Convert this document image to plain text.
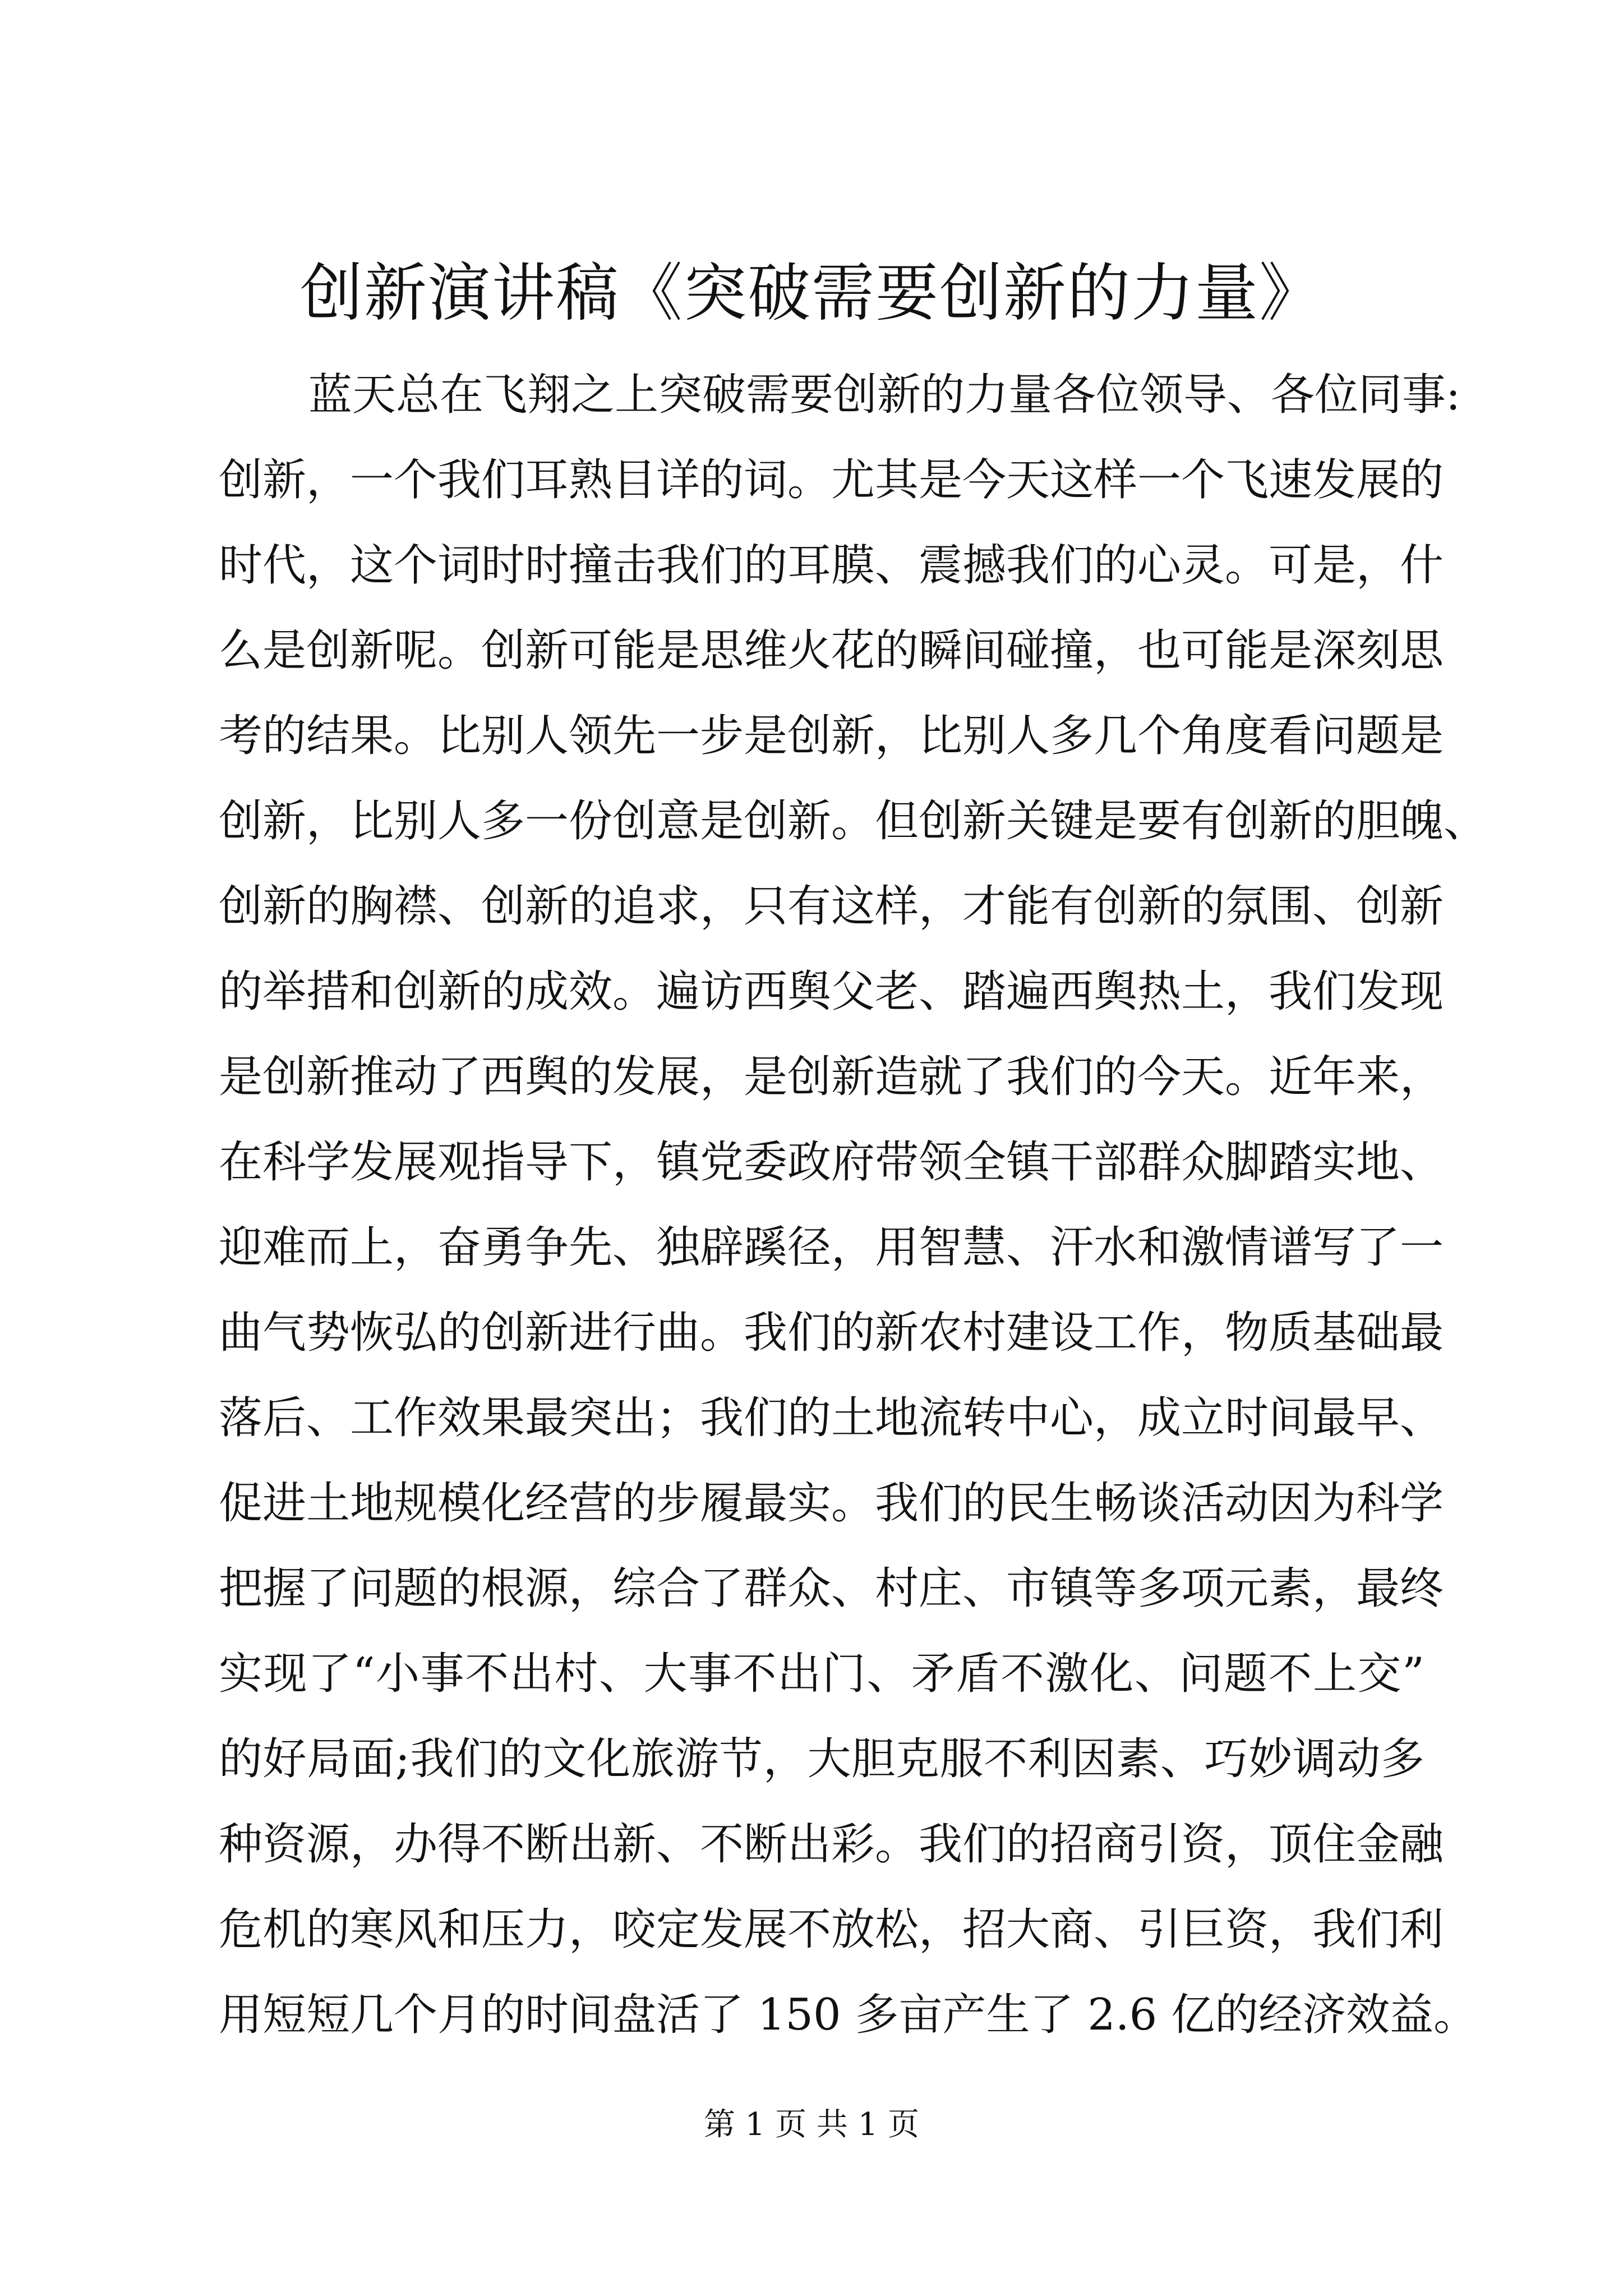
创新演讲稿《突破需要创新的力量》
蓝天总在飞翔之上突破需要创新的力量各位领导、各位同事:
创新，一个我们耳熟目详的词。尤其是今天这样一个飞速发展的
时代，这个词时时撞击我们的耳膜、震撼我们的心灵。可是，什
么是创新呢。创新可能是思维火花的瞬间碰撞，也可能是深刻思
考的结果。比别人领先一步是创新，比别人多几个角度看问题是
创新，比别人多一份创意是创新。但创新关键是要有创新的胆魄、
创新的胸襟、创新的追求，只有这样，才能有创新的氛围、创新
的举措和创新的成效。遍访西舆父老、踏遍西舆热土，我们发现
是创新推动了西舆的发展，是创新造就了我们的今天。近年来，
在科学发展观指导下，镇党委政府带领全镇干部群众脚踏实地、
迎难而上，奋勇争先、独辟蹊径，用智慧、汗水和激情谱写了一
曲气势恢弘的创新进行曲。我们的新农村建设工作，物质基础最
落后、工作效果最突出；我们的土地流转中心，成立时间最早、
促进土地规模化经营的步履最实。我们的民生畅谈活动因为科学
把握了问题的根源，综合了群众、村庄、市镇等多项元素，最终
实现了“小事不出村、大事不出门、矛盾不激化、问题不上交”
的好局面;我们的文化旅游节，大胆克服不利因素、巧妙调动多
种资源，办得不断出新、不断出彩。我们的招商引资，顶住金融
危机的寒风和压力，咬定发展不放松，招大商、引巨资，我们利
用短短几个月的时间盘活了 150 多亩产生了 2.6 亿的经济效益。
第 1 页 共 1 页
